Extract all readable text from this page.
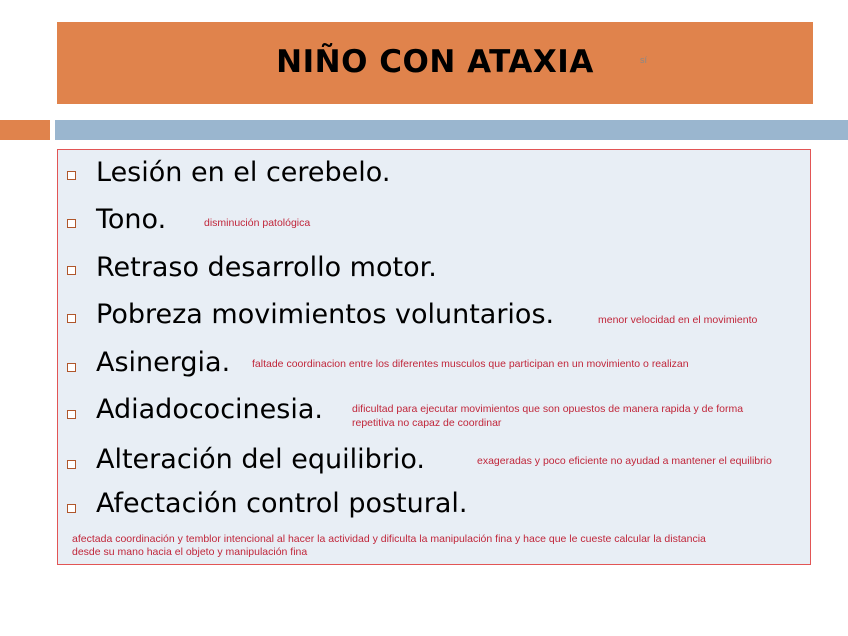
NIÑO CON ATAXIA	sí
Lesión en el cerebelo.
Tono.	disminución patológica
Retraso desarrollo motor.
Pobreza movimientos voluntarios.	menor velocidad en el movimiento
Asinergia. faltade coordinacion entre los diferentes musculos que participan en un movimiento o realizan
Adiadococinesia.	dificultad para ejecutar movimientos que son opuestos de manera rapida y de forma
repetitiva no capaz de coordinar
Alteración del equilibrio.	exageradas y poco eficiente no ayudad a mantener el equilibrio
Afectación control postural.
afectada coordinación y temblor intencional al hacer la actividad y dificulta la manipulación fina y hace que le cueste calcular la distancia
desde su mano hacia el objeto y manipulación fina
